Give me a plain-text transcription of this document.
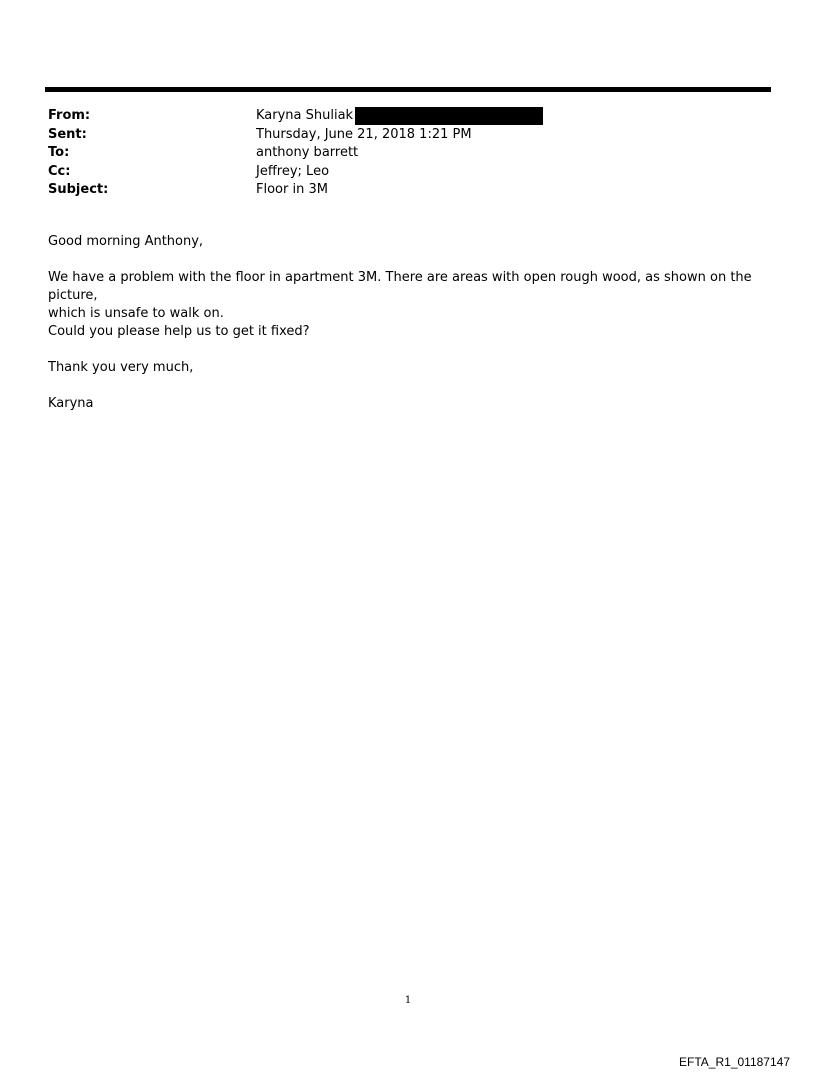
From:	Karyna Shuliak
Sent:	Thursday, June 21, 2018 1:21 PM
To:	anthony barrett
Cc:	Jeffrey; Leo
Subject:	Floor in 3M

Good morning Anthony,

We have a problem with the floor in apartment 3M. There are areas with open rough wood, as shown on the picture,

which is unsafe to walk on.

Could you please help us to get it fixed?

Thank you very much,

Karyna

1
EFTA_R1_01187147
